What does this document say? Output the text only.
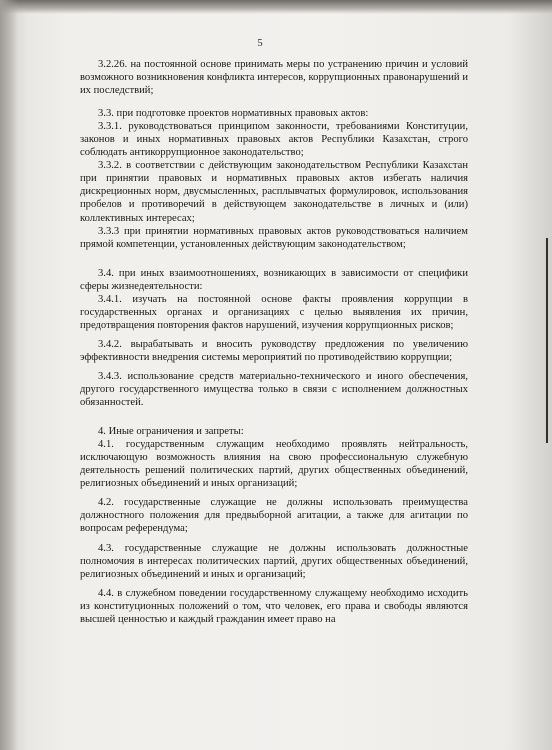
5

3.2.26. на постоянной основе принимать меры по устранению причин и условий возможного возникновения конфликта интересов, коррупционных правонарушений и их последствий;

3.3. при подготовке проектов нормативных правовых актов:

3.3.1. руководствоваться принципом законности, требованиями Конституции, законов и иных нормативных правовых актов Республики Казахстан, строго соблюдать антикоррупционное законодательство;

3.3.2. в соответствии с действующим законодательством Республики Казахстан при принятии правовых и нормативных правовых актов избегать наличия дискреционных норм, двусмысленных, расплывчатых формулировок, использования пробелов и противоречий в действующем законодательстве в личных и (или) коллективных интересах;

3.3.3 при принятии нормативных правовых актов руководствоваться наличием прямой компетенции, установленных действующим законодательством;

3.4. при иных взаимоотношениях, возникающих в зависимости от специфики сферы жизнедеятельности:

3.4.1. изучать на постоянной основе факты проявления коррупции в государственных органах и организациях с целью выявления их причин, предотвращения повторения фактов нарушений, изучения коррупционных рисков;

3.4.2. вырабатывать и вносить руководству предложения по увеличению эффективности внедрения системы мероприятий по противодействию коррупции;

3.4.3. использование средств материально-технического и иного обеспечения, другого государственного имущества только в связи с исполнением должностных обязанностей.

4. Иные ограничения и запреты:

4.1. государственным служащим необходимо проявлять нейтральность, исключающую возможность влияния на свою профессиональную служебную деятельность решений политических партий, других общественных объединений, религиозных объединений и иных организаций;

4.2. государственные служащие не должны использовать преимущества должностного положения для предвыборной агитации, а также для агитации по вопросам референдума;

4.3. государственные служащие не должны использовать должностные полномочия в интересах политических партий, других общественных объединений, религиозных объединений и иных и организаций;

4.4. в служебном поведении государственному служащему необходимо исходить из конституционных положений о том, что человек, его права и свободы являются высшей ценностью и каждый гражданин имеет право на
